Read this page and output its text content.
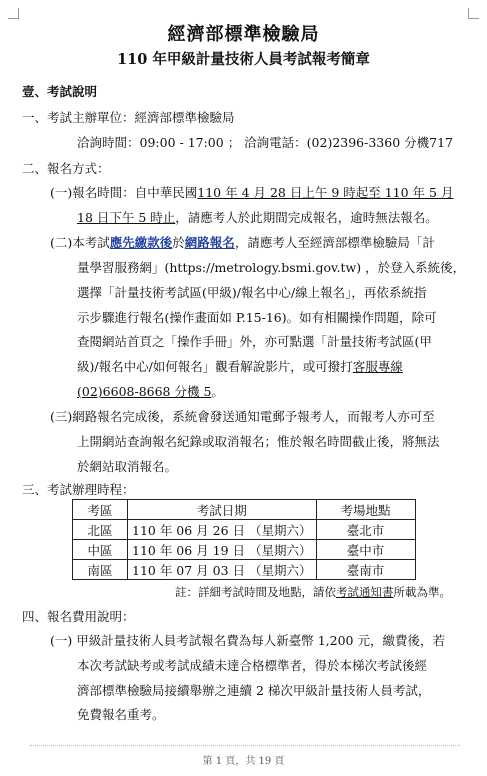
經濟部標準檢驗局
110 年甲級計量技術人員考試報考簡章
壹、考試說明
一、考試主辦單位：經濟部標準檢驗局
洽詢時間：09:00 - 17:00 ； 洽詢電話：(02)2396-3360 分機717
二、報名方式：
(一)報名時間：自中華民國110 年 4 月 28 日上午 9 時起至 110 年 5 月
18 日下午 5 時止，請應考人於此期間完成報名，逾時無法報名。
(二)本考試應先繳款後於網路報名，請應考人至經濟部標準檢驗局「計
量學習服務網」(https://metrology.bsmi.gov.tw) ，於登入系統後，
選擇「計量技術考試區(甲級)/報名中心/線上報名」，再依系統指
示步驟進行報名(操作畫面如 P.15-16)。如有相關操作問題，除可
查閱網站首頁之「操作手冊」外，亦可點選「計量技術考試區(甲
級)/報名中心/如何報名」觀看解說影片，或可撥打客服專線
(02)6608-8668 分機 5。
(三)網路報名完成後，系統會發送通知電郵予報考人，而報考人亦可至
上開網站查詢報名紀錄或取消報名；惟於報名時間截止後，將無法
於網站取消報名。
三、考試辦理時程：
考區	考試日期	考場地點
北區	110 年 06 月 26 日 （星期六）	臺北市
中區	110 年 06 月 19 日 （星期六）	臺中市
南區	110 年 07 月 03 日 （星期六）	臺南市
註：詳細考試時間及地點，請依考試通知書所載為準。
四、報名費用說明：
(一) 甲級計量技術人員考試報名費為每人新臺幣 1,200 元，繳費後，若
本次考試缺考或考試成績未達合格標準者，得於本梯次考試後經
濟部標準檢驗局接續舉辦之連續 2 梯次甲級計量技術人員考試，
免費報名重考。
第 1 頁，共 19 頁
